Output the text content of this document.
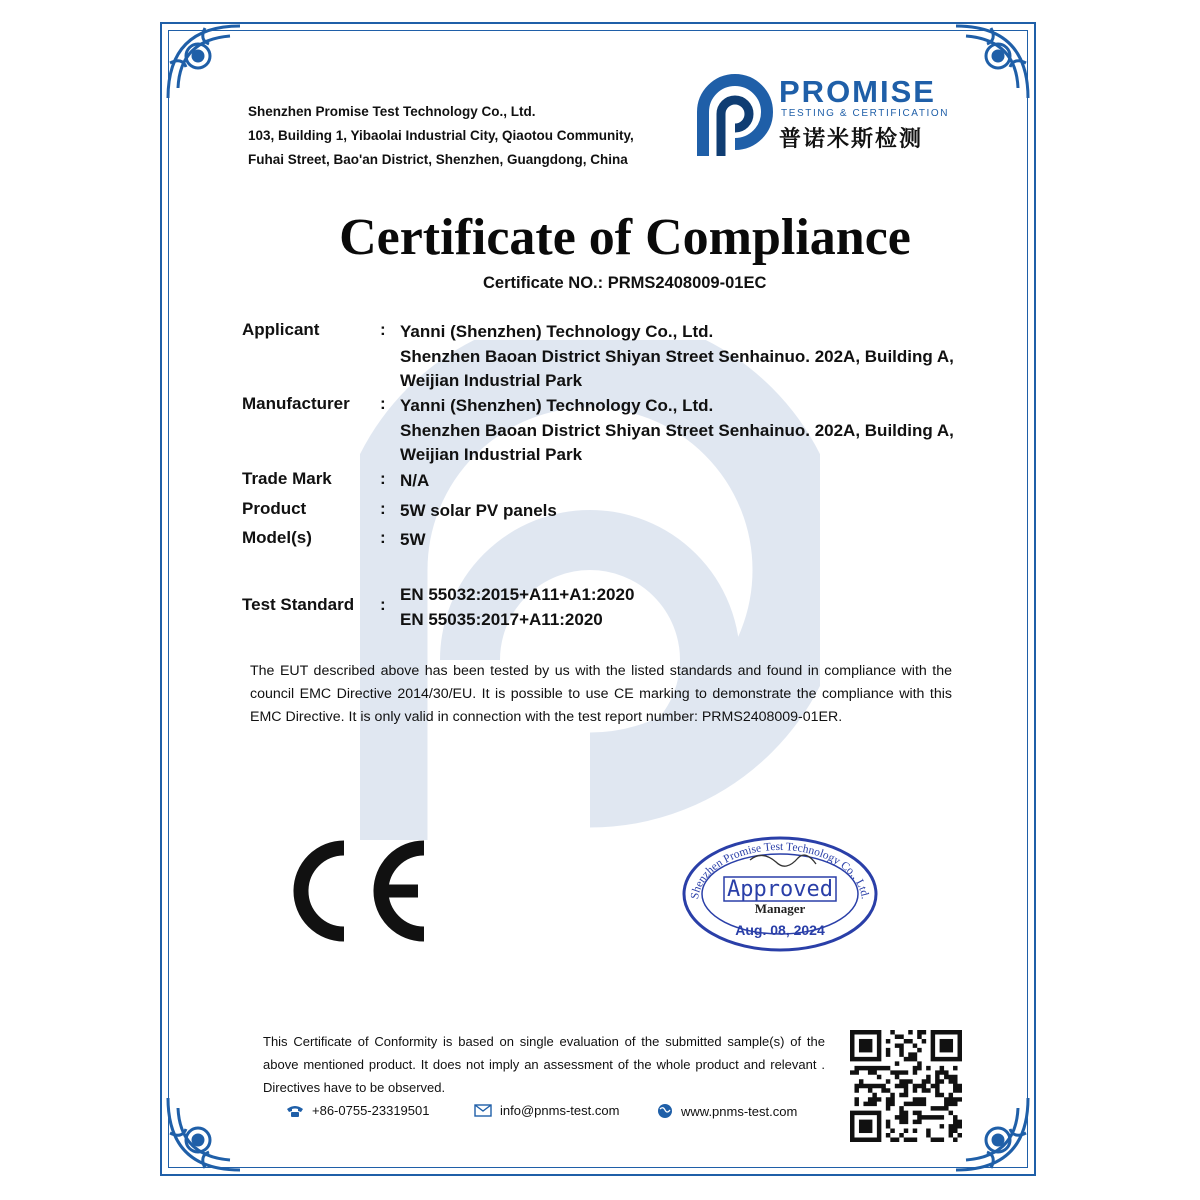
Shenzhen Promise Test Technology Co., Ltd.
103, Building 1, Yibaolai Industrial City, Qiaotou Community,
Fuhai Street, Bao'an District, Shenzhen, Guangdong, China
PROMISE
TESTING & CERTIFICATION
普诺米斯检测
Certificate of Compliance
Certificate NO.: PRMS2408009-01EC
Applicant	: Yanni (Shenzhen) Technology Co., Ltd.
Shenzhen Baoan District Shiyan Street Senhainuo. 202A, Building A, Weijian Industrial Park
Manufacturer : Yanni (Shenzhen) Technology Co., Ltd.
Shenzhen Baoan District Shiyan Street Senhainuo. 202A, Building A, Weijian Industrial Park
Trade Mark	: N/A
Product	: 5W solar PV panels
Model(s)	: 5W
Test Standard :
EN 55032:2015+A11+A1:2020
EN 55035:2017+A11:2020
The EUT described above has been tested by us with the listed standards and found in compliance with the council EMC Directive 2014/30/EU. It is possible to use CE marking to demonstrate the compliance with this EMC Directive. It is only valid in connection with the test report number: PRMS2408009-01ER.
Shenzhen Promise Test Technology Co., Ltd.
Approved
Manager
Aug. 08, 2024
This Certificate of Conformity is based on single evaluation of the submitted sample(s) of the above mentioned product. It does not imply an assessment of the whole product and relevant . Directives have to be observed.
+86-0755-23319501	info@pnms-test.com	www.pnms-test.com
